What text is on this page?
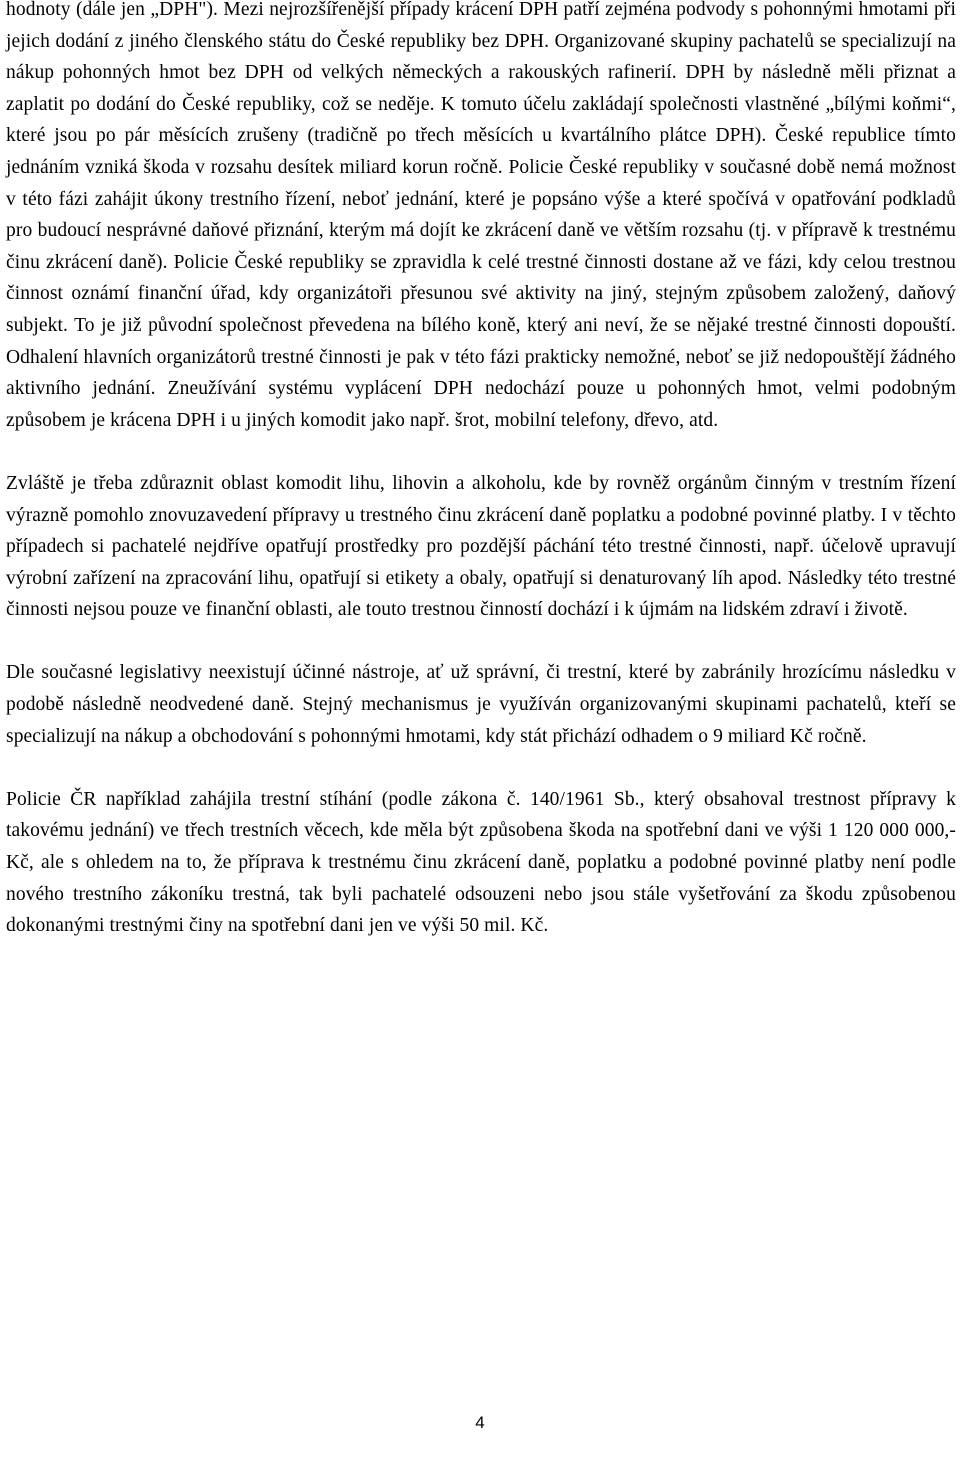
hodnoty (dále jen „DPH"). Mezi nejrozšířenější případy krácení DPH patří zejména podvody s pohonnými hmotami při jejich dodání z jiného členského státu do České republiky bez DPH. Organizované skupiny pachatelů se specializují na nákup pohonných hmot bez DPH od velkých německých a rakouských rafinerií. DPH by následně měli přiznat a zaplatit po dodání do České republiky, což se neděje. K tomuto účelu zakládají společnosti vlastněné „bílými koňmi“, které jsou po pár měsících zrušeny (tradičně po třech měsících u kvartálního plátce DPH). České republice tímto jednáním vzniká škoda v rozsahu desítek miliard korun ročně. Policie České republiky v současné době nemá možnost v této fázi zahájit úkony trestního řízení, neboť jednání, které je popsáno výše a které spočívá v opatřování podkladů pro budoucí nesprávné daňové přiznání, kterým má dojít ke zkrácení daně ve větším rozsahu (tj. v přípravě k trestnému činu zkrácení daně). Policie České republiky se zpravidla k celé trestné činnosti dostane až ve fázi, kdy celou trestnou činnost oznámí finanční úřad, kdy organizátoři přesunou své aktivity na jiný, stejným způsobem založený, daňový subjekt. To je již původní společnost převedena na bílého koně, který ani neví, že se nějaké trestné činnosti dopouští. Odhalení hlavních organizátorů trestné činnosti je pak v této fázi prakticky nemožné, neboť se již nedopouštějí žádného aktivního jednání. Zneužívání systému vyplácení DPH nedochází pouze u pohonných hmot, velmi podobným způsobem je krácena DPH i u jiných komodit jako např. šrot, mobilní telefony, dřevo, atd.

Zvláště je třeba zdůraznit oblast komodit lihu, lihovin a alkoholu, kde by rovněž orgánům činným v trestním řízení výrazně pomohlo znovuzavedení přípravy u trestného činu zkrácení daně poplatku a podobné povinné platby. I v těchto případech si pachatelé nejdříve opatřují prostředky pro pozdější páchání této trestné činnosti, např. účelově upravují výrobní zařízení na zpracování lihu, opatřují si etikety a obaly, opatřují si denaturovaný líh apod. Následky této trestné činnosti nejsou pouze ve finanční oblasti, ale touto trestnou činností dochází i k újmám na lidském zdraví i životě.

Dle současné legislativy neexistují účinné nástroje, ať už správní, či trestní, které by zabránily hrozícímu následku v podobě následně neodvedené daně. Stejný mechanismus je využíván organizovanými skupinami pachatelů, kteří se specializují na nákup a obchodování s pohonnými hmotami, kdy stát přichází odhadem o 9 miliard Kč ročně.

Policie ČR například zahájila trestní stíhání (podle zákona č. 140/1961 Sb., který obsahoval trestnost přípravy k takovému jednání) ve třech trestních věcech, kde měla být způsobena škoda na spotřební dani ve výši 1 120 000 000,- Kč, ale s ohledem na to, že příprava k trestnému činu zkrácení daně, poplatku a podobné povinné platby není podle nového trestního zákoníku trestná, tak byli pachatelé odsouzeni nebo jsou stále vyšetřování za škodu způsobenou dokonanými trestnými činy na spotřební dani jen ve výši 50 mil. Kč.

4
